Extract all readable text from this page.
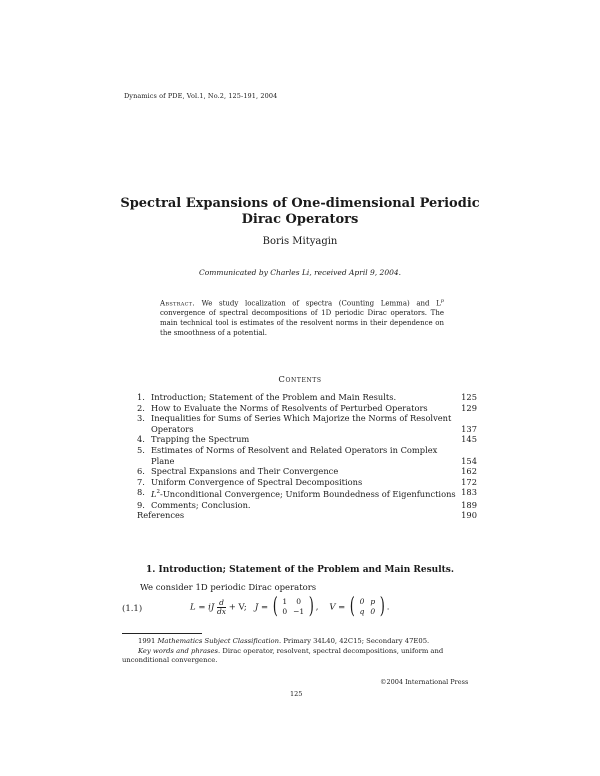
Dynamics of PDE, Vol.1, No.2, 125-191, 2004
Spectral Expansions of One-dimensional Periodic Dirac Operators
Boris Mityagin
Communicated by Charles Li, received April 9, 2004.
Abstract. We study localization of spectra (Counting Lemma) and $L^p$ convergence of spectral decompositions of 1D periodic Dirac operators. The main technical tool is estimates of the resolvent norms in their dependence on the smoothness of a potential.
Contents
1. Introduction; Statement of the Problem and Main Results.	125
2. How to Evaluate the Norms of Resolvents of Perturbed Operators	129
3. Inequalities for Sums of Series Which Majorize the Norms of Resolvent
Operators	137
4. Trapping the Spectrum	145
5. Estimates of Norms of Resolvent and Related Operators in Complex
Plane	154
6. Spectral Expansions and Their Convergence	162
7. Uniform Convergence of Spectral Decompositions	172
8. $L^2$-Unconditional Convergence; Uniform Boundedness of Eigenfunctions 183
9. Comments; Conclusion.	189
References	190
1. Introduction; Statement of the Problem and Main Results.
We consider 1D periodic Dirac operators
(1.1)	L = iJ $\frac{d}{dx} + V$; J = ( 1	0
0	−1 ) , V = ( 0	p
q	0 ) .
1991 Mathematics Subject Classification. Primary 34L40, 42C15; Secondary 47E05.
Key words and phrases. Dirac operator, resolvent, spectral decompositions, uniform and unconditional convergence.
©2004 International Press
125
